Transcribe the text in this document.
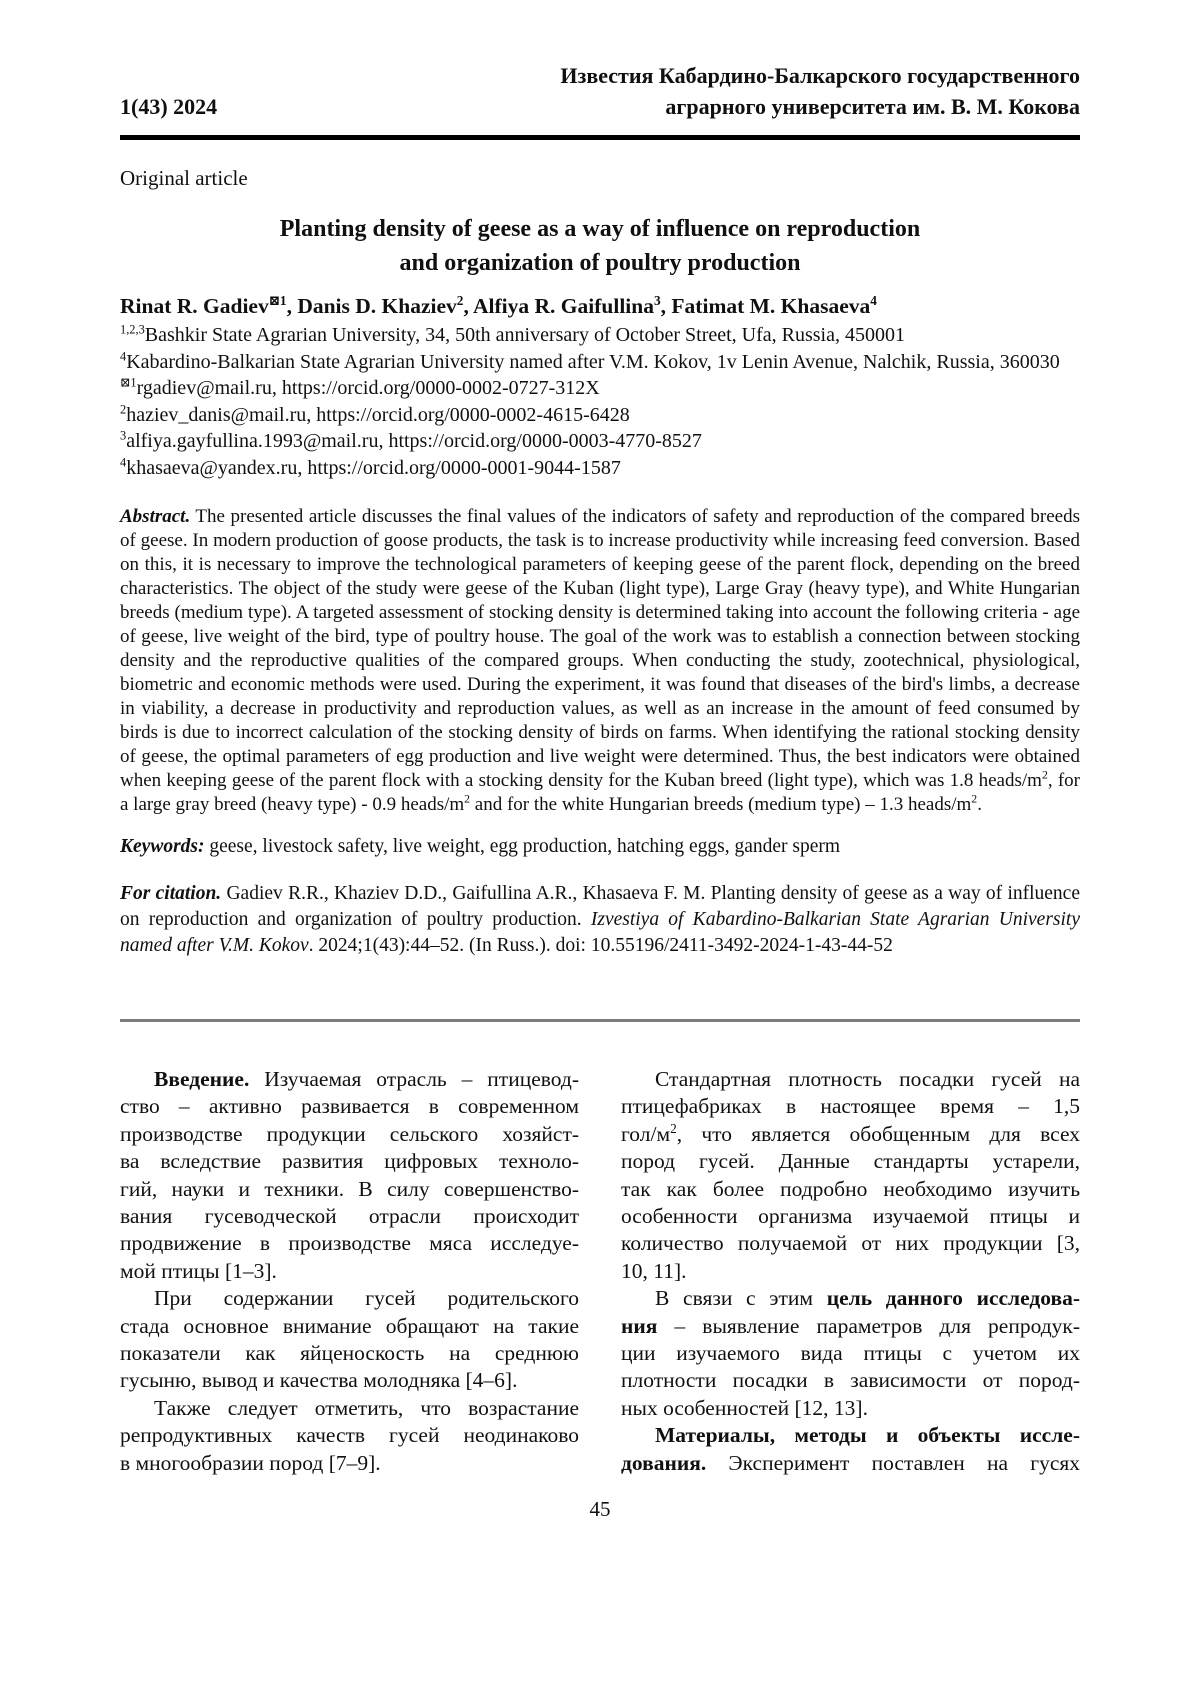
1(43) 2024
Известия Кабардино-Балкарского государственного
аграрного университета им. В. М. Кокова
Original article
Planting density of geese as a way of influence on reproduction
and organization of poultry production
Rinat R. Gadiev$^{⊠1}$, Danis D. Khaziev$^2$, Alfiya R. Gaifullina$^3$, Fatimat M. Khasaeva$^4$
$^{1,2,3}$Bashkir State Agrarian University, 34, 50th anniversary of October Street, Ufa, Russia, 450001
$^4$Kabardino-Balkarian State Agrarian University named after V.M. Kokov, 1v Lenin Avenue, Nalchik, Russia, 360030
$^{⊠1}$rgadiev@mail.ru, https://orcid.org/0000-0002-0727-312X
$^2$haziev_danis@mail.ru, https://orcid.org/0000-0002-4615-6428
$^3$alfiya.gayfullina.1993@mail.ru, https://orcid.org/0000-0003-4770-8527
$^4$khasaeva@yandex.ru, https://orcid.org/0000-0001-9044-1587
Abstract. The presented article discusses the final values of the indicators of safety and reproduction of the compared breeds of geese. In modern production of goose products, the task is to increase productivity while increasing feed conversion. Based on this, it is necessary to improve the technological parameters of keeping geese of the parent flock, depending on the breed characteristics. The object of the study were geese of the Kuban (light type), Large Gray (heavy type), and White Hungarian breeds (medium type). A targeted assessment of stocking density is determined taking into account the following criteria - age of geese, live weight of the bird, type of poultry house. The goal of the work was to establish a connection between stocking density and the reproductive qualities of the compared groups. When conducting the study, zootechnical, physiological, biometric and economic methods were used. During the experiment, it was found that diseases of the bird's limbs, a decrease in viability, a decrease in productivity and reproduction values, as well as an increase in the amount of feed consumed by birds is due to incorrect calculation of the stocking density of birds on farms. When identifying the rational stocking density of geese, the optimal parameters of egg production and live weight were determined. Thus, the best indicators were obtained when keeping geese of the parent flock with a stocking density for the Kuban breed (light type), which was 1.8 heads/$m^2$, for a large gray breed (heavy type) - 0.9 heads/$m^2$ and for the white Hungarian breeds (medium type) – 1.3 heads/$m^2$.
Keywords: geese, livestock safety, live weight, egg production, hatching eggs, gander sperm
For citation. Gadiev R.R., Khaziev D.D., Gaifullina A.R., Khasaeva F. M. Planting density of geese as a way of influence on reproduction and organization of poultry production. Izvestiya of Kabardino-Balkarian State Agrarian University named after V.M. Kokov. 2024;1(43):44–52. (In Russ.). doi: 10.55196/2411-3492-2024-1-43-44-52
Введение. Изучаемая отрасль – птицевод-
ство – активно развивается в современном
производстве продукции сельского хозяйст-
ва вследствие развития цифровых техноло-
гий, науки и техники. В силу совершенство-
вания гусеводческой отрасли происходит
продвижение в производстве мяса исследуе-
мой птицы [1–3].
При содержании гусей родительского
стада основное внимание обращают на такие
показатели как яйценоскость на среднюю
гусыню, вывод и качества молодняка [4–6].
Также следует отметить, что возрастание
репродуктивных качеств гусей неодинаково
в многообразии пород [7–9].
Стандартная плотность посадки гусей на
птицефабриках в настоящее время – 1,5
гол/$м^2$, что является обобщенным для всех
пород гусей. Данные стандарты устарели,
так как более подробно необходимо изучить
особенности организма изучаемой птицы и
количество получаемой от них продукции [3,
10, 11].
В связи с этим цель данного исследова-
ния – выявление параметров для репродук-
ции изучаемого вида птицы с учетом их
плотности посадки в зависимости от пород-
ных особенностей [12, 13].
Материалы, методы и объекты иссле-
дования. Эксперимент поставлен на гусях
45
